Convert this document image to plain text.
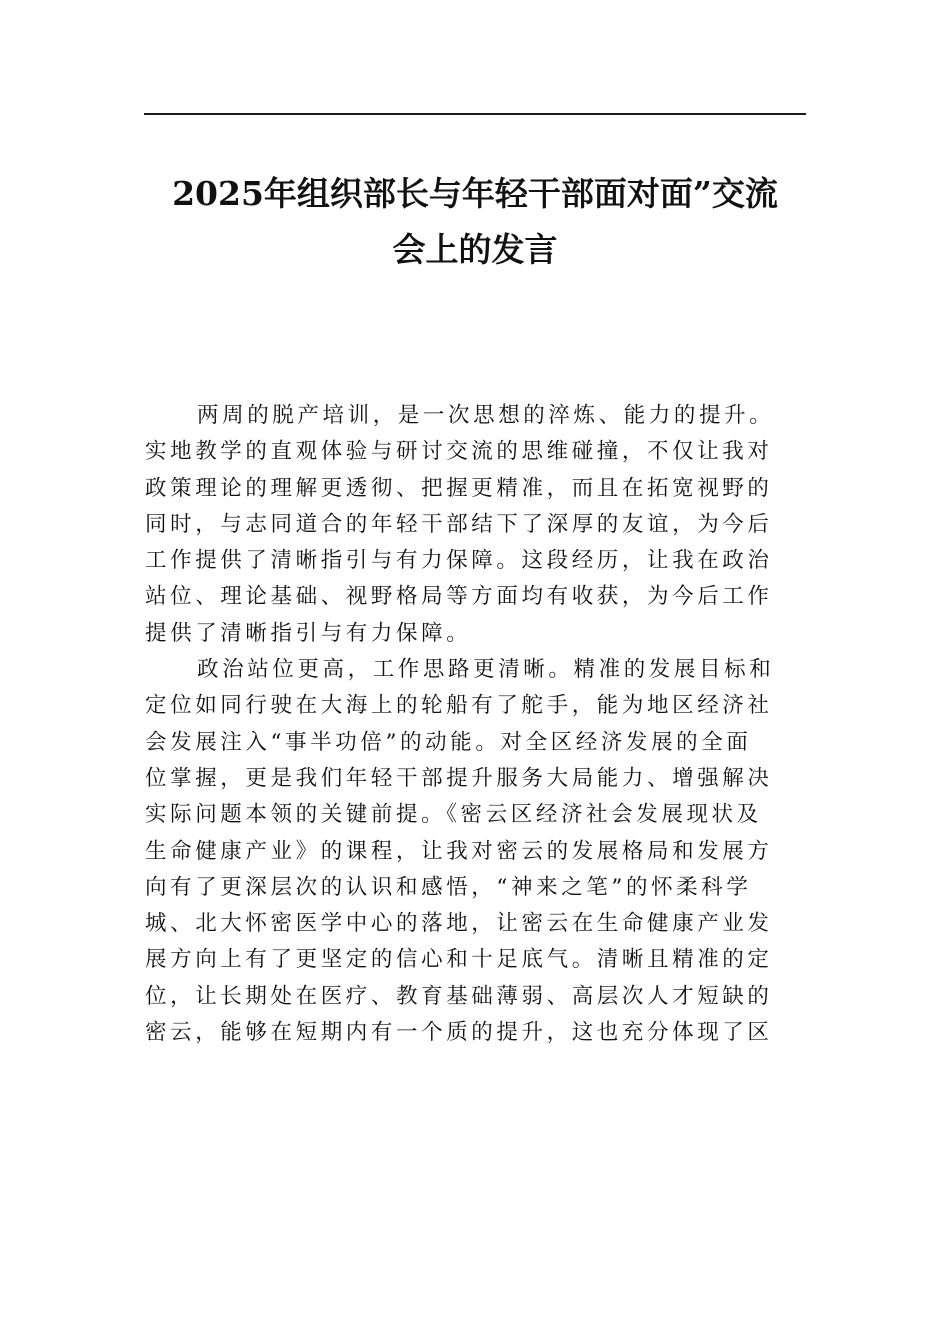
2025年组织部长与年轻干部面对面”交流
会上的发言

两周的脱产培训，是一次思想的淬炼、能力的提升。
实地教学的直观体验与研讨交流的思维碰撞，不仅让我对
政策理论的理解更透彻、把握更精准，而且在拓宽视野的
同时，与志同道合的年轻干部结下了深厚的友谊，为今后
工作提供了清晰指引与有力保障。这段经历，让我在政治
站位、理论基础、视野格局等方面均有收获，为今后工作
提供了清晰指引与有力保障。

政治站位更高，工作思路更清晰。精准的发展目标和
定位如同行驶在大海上的轮船有了舵手，能为地区经济社
会发展注入“事半功倍”的动能。对全区经济发展的全面
位掌握，更是我们年轻干部提升服务大局能力、增强解决
实际问题本领的关键前提。《密云区经济社会发展现状及
生命健康产业》的课程，让我对密云的发展格局和发展方
向有了更深层次的认识和感悟，“神来之笔”的怀柔科学
城、北大怀密医学中心的落地，让密云在生命健康产业发
展方向上有了更坚定的信心和十足底气。清晰且精准的定
位，让长期处在医疗、教育基础薄弱、高层次人才短缺的
密云，能够在短期内有一个质的提升，这也充分体现了区
